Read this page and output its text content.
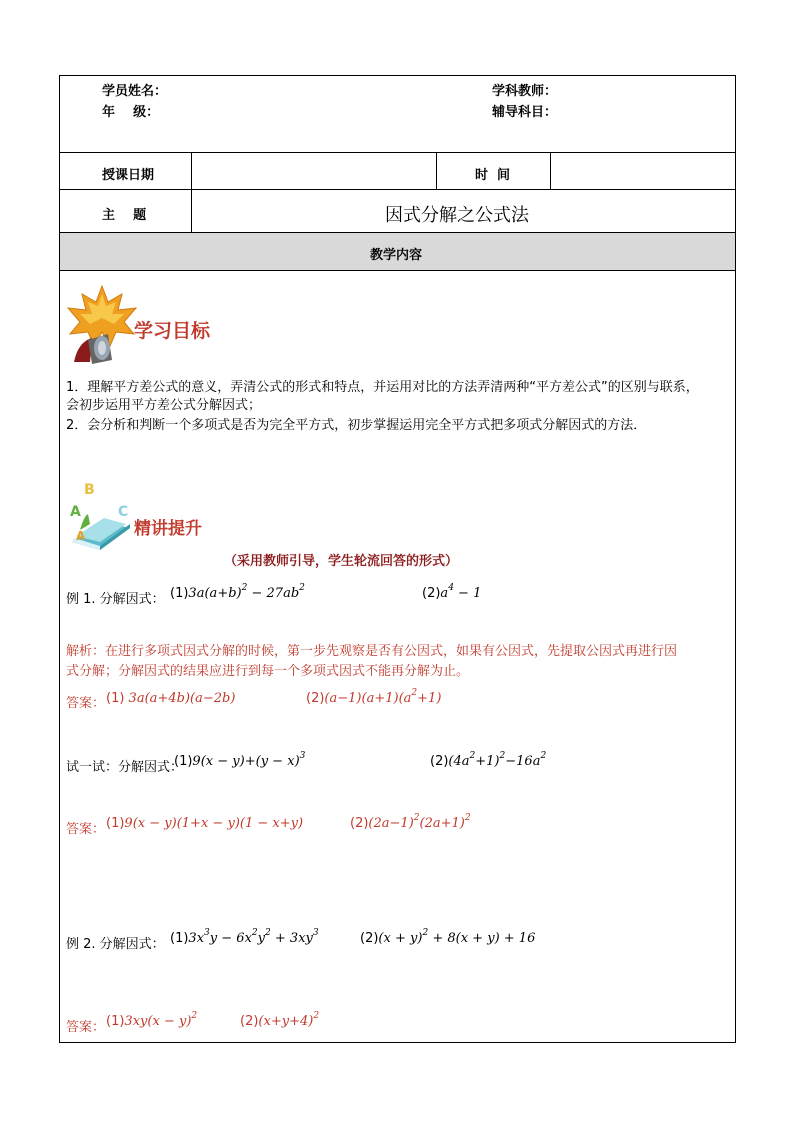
学员姓名：
年    级：
学科教师：
辅导科目：
授课日期	时  间
主    题	因式分解之公式法
教学内容
学习目标
1．理解平方差公式的意义，弄清公式的形式和特点，并运用对比的方法弄清两种“平方差公式”的区别与联系，
会初步运用平方差公式分解因式；
2．会分析和判断一个多项式是否为完全平方式，初步掌握运用完全平方式把多项式分解因式的方法．
B
C
A
A	精讲提升
（采用教师引导，学生轮流回答的形式）
例 1. 分解因式： $(1)3a(a+b)^2 - 27ab^2$	$(2)a^4 - 1$
解析：在进行多项式因式分解的时候，第一步先观察是否有公因式，如果有公因式，先提取公因式再进行因
式分解；分解因式的结果应进行到每一个多项式因式不能再分解为止。
答案： (1) 3a(a+4b)(a−2b)	$(2)(a-1)(a+1)(a^2+1)$
试一试：分解因式：
$(1)9(x - y)+(y - x)^3$	$(2)(4a^2+1)^2-16a^2$
答案： (1)9(x − y)(1+x − y)(1 − x+y)	$(2)(2a-1)^2(2a+1)^2$
例 2. 分解因式： $(1)3x^3y - 6x^2y^2 + 3xy^3$	$(2)(x + y)^2 + 8(x + y) + 16$
答案： $(1)3xy(x - y)^2$	$(2)(x+y+4)^2$
